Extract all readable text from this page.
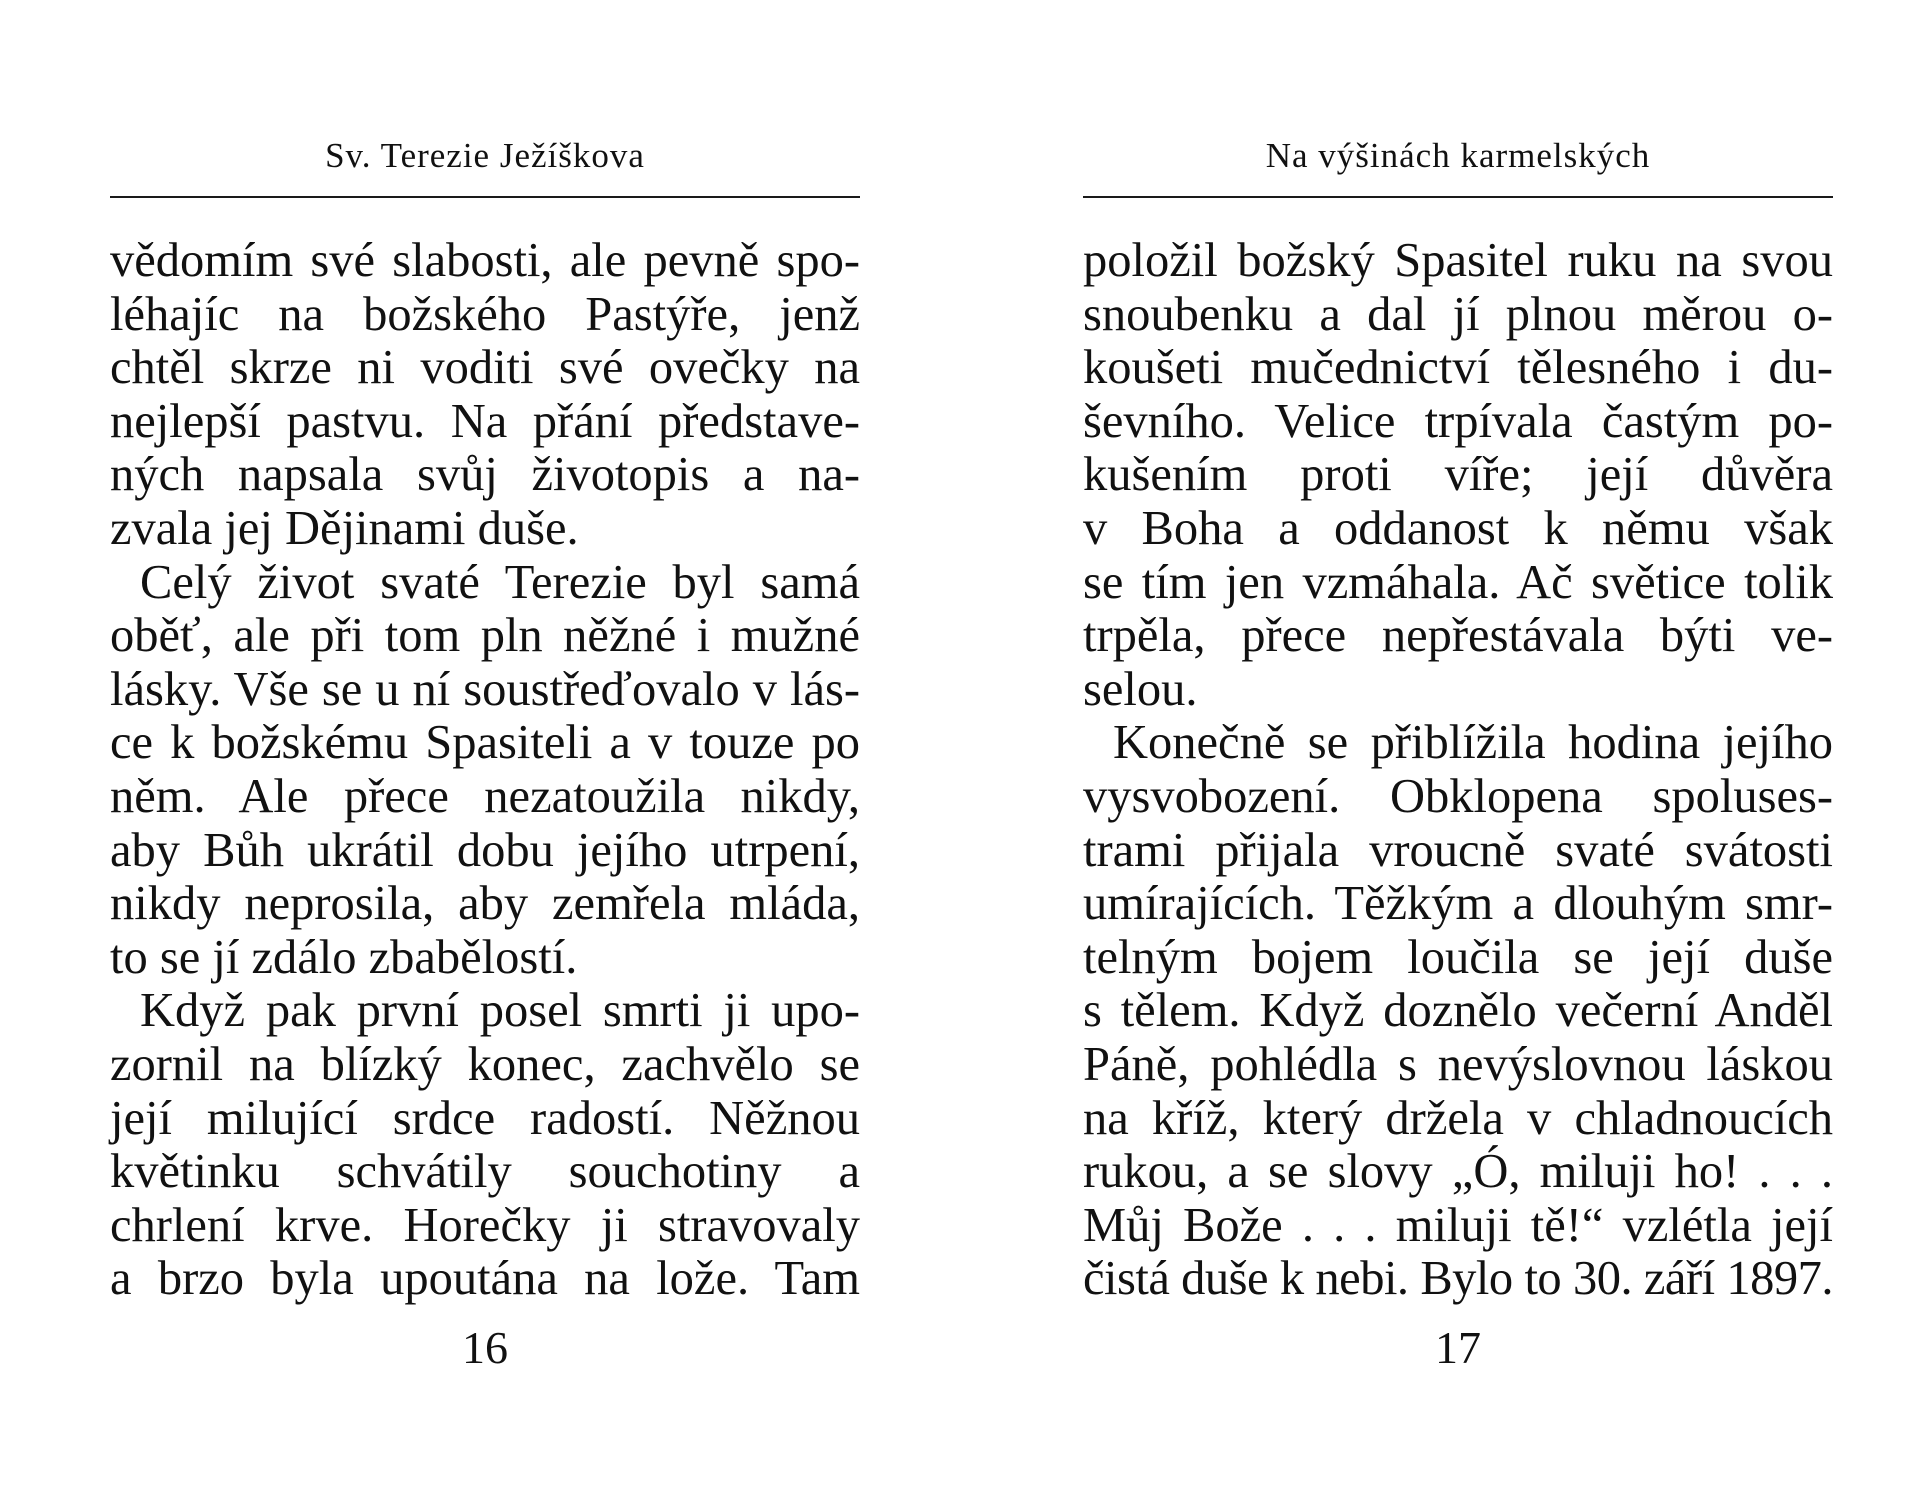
Sv. Terezie Ježíškova
vědomím své slabosti, ale pevně spo-
léhajíc na božského Pastýře, jenž
chtěl skrze ni voditi své ovečky na
nejlepší pastvu. Na přání představe-
ných napsala svůj životopis a na-
zvala jej Dějinami duše.
Celý život svaté Terezie byl samá
oběť, ale při tom pln něžné i mužné
lásky. Vše se u ní soustřeďovalo v lás-
ce k božskému Spasiteli a v touze po
něm. Ale přece nezatoužila nikdy,
aby Bůh ukrátil dobu jejího utrpení,
nikdy neprosila, aby zemřela mláda,
to se jí zdálo zbabělostí.
Když pak první posel smrti ji upo-
zornil na blízký konec, zachvělo se
její milující srdce radostí. Něžnou
květinku schvátily souchotiny a
chrlení krve. Horečky ji stravovaly
a brzo byla upoutána na lože. Tam
16
Na výšinách karmelských
položil božský Spasitel ruku na svou
snoubenku a dal jí plnou měrou o-
koušeti mučednictví tělesného i du-
ševního. Velice trpívala častým po-
kušením proti víře; její důvěra
v Boha a oddanost k němu však
se tím jen vzmáhala. Ač světice tolik
trpěla, přece nepřestávala býti ve-
selou.
Konečně se přiblížila hodina jejího
vysvobození. Obklopena spoluses-
trami přijala vroucně svaté svátosti
umírajících. Těžkým a dlouhým smr-
telným bojem loučila se její duše
s tělem. Když doznělo večerní Anděl
Páně, pohlédla s nevýslovnou láskou
na kříž, který držela v chladnoucích
rukou, a se slovy „Ó, miluji ho! . . .
Můj Bože . . . miluji tě!“ vzlétla její
čistá duše k nebi. Bylo to 30. září 1897.
17
